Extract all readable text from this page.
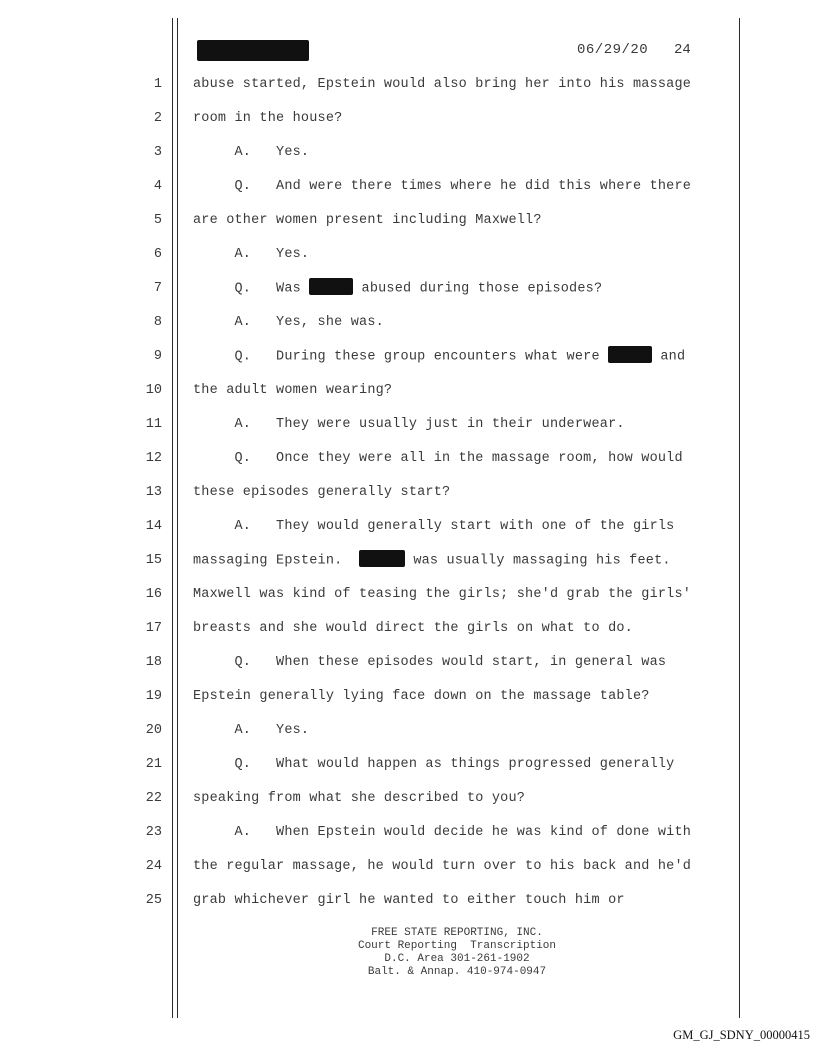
06/29/20 24
1 abuse started, Epstein would also bring her into his massage
2 room in the house?
3 A.   Yes.
4 Q.   And were there times where he did this where there
5 are other women present including Maxwell?
6 A.   Yes.
7 Q.   Was	abused during those episodes?
8 A.   Yes, she was.
9 Q.   During these group encounters what were	and
10 the adult women wearing?
11 A.   They were usually just in their underwear.
12 Q.   Once they were all in the massage room, how would
13 these episodes generally start?
14 A.   They would generally start with one of the girls
15 massaging Epstein.	was usually massaging his feet.
16 Maxwell was kind of teasing the girls; she'd grab the girls'
17 breasts and she would direct the girls on what to do.
18 Q.   When these episodes would start, in general was
19 Epstein generally lying face down on the massage table?
20 A.   Yes.
21 Q.   What would happen as things progressed generally
22 speaking from what she described to you?
23 A.   When Epstein would decide he was kind of done with
24 the regular massage, he would turn over to his back and he'd
25 grab whichever girl he wanted to either touch him or
FREE STATE REPORTING, INC.
Court Reporting  Transcription
D.C. Area 301-261-1902
Balt. & Annap. 410-974-0947
GM_GJ_SDNY_00000415
